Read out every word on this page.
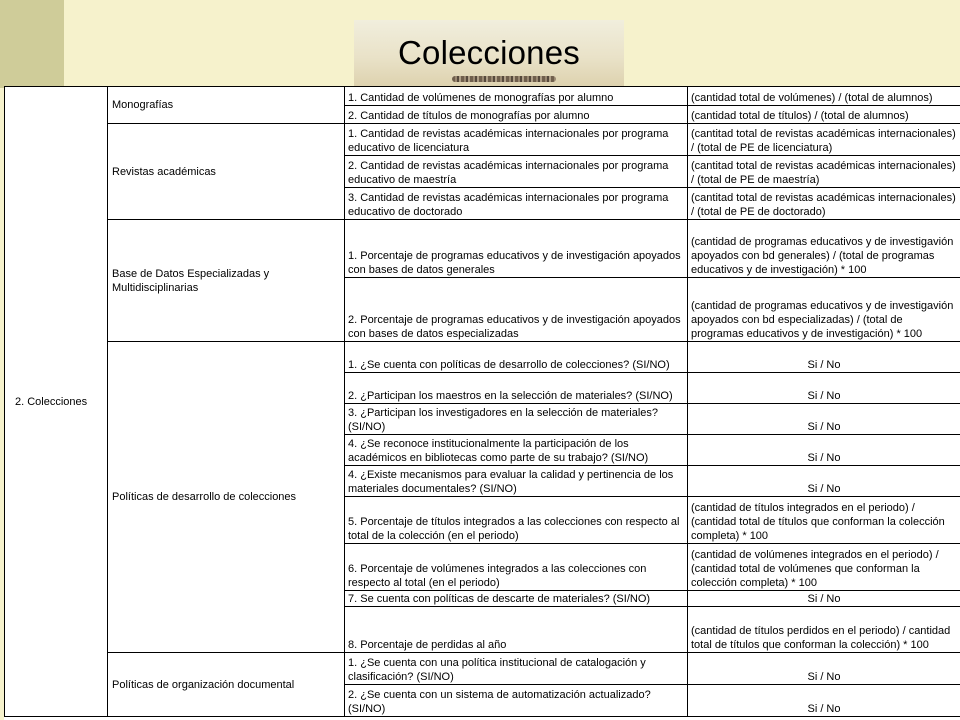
Colecciones
2. Colecciones	Monografías	1. Cantidad de volúmenes de monografías por alumno	(cantidad total de volúmenes) / (total de alumnos)
		2. Cantidad de títulos de monografías por alumno	(cantidad total de títulos) / (total de alumnos)
	Revistas académicas	1. Cantidad de revistas académicas internacionales por programa educativo de licenciatura	(cantitad total de revistas académicas internacionales) / (total de PE de licenciatura)
		2. Cantidad de revistas académicas internacionales por programa educativo de maestría	(cantitad total de revistas académicas internacionales) / (total de PE de maestría)
		3. Cantidad de revistas académicas internacionales por programa educativo de doctorado	(cantitad total de revistas académicas internacionales) / (total de PE de doctorado)
	Base de Datos Especializadas y Multidisciplinarias	1. Porcentaje de programas educativos y de investigación apoyados con bases de datos generales	(cantidad de programas educativos y de investigavión apoyados con bd generales) / (total de programas educativos y de investigación) * 100
		2. Porcentaje de programas educativos y de investigación apoyados con bases de datos especializadas	(cantidad de programas educativos y de investigavión apoyados con bd especializadas) / (total de programas educativos y de investigación) * 100
	Políticas de desarrollo de colecciones	1. ¿Se cuenta con políticas de desarrollo de colecciones? (SI/NO)	Si / No
		2. ¿Participan los maestros en la selección de materiales? (SI/NO)	Si / No
		3. ¿Participan los investigadores en la selección de materiales? (SI/NO)	Si / No
		4. ¿Se reconoce institucionalmente la participación de los académicos en bibliotecas como parte de su trabajo? (SI/NO)	Si / No
		4. ¿Existe mecanismos para evaluar la calidad y pertinencia de los materiales documentales? (SI/NO)	Si / No
		5. Porcentaje de títulos integrados a las colecciones con respecto al total de la colección (en el periodo)	(cantidad de títulos integrados en el periodo) / (cantidad total de títulos que conforman la colección completa) * 100
		6. Porcentaje de volúmenes integrados a las colecciones con respecto al total (en el periodo)	(cantidad de volúmenes integrados en el periodo) / (cantidad total de volúmenes que conforman la colección completa) * 100
		7. Se cuenta con políticas de descarte de materiales? (SI/NO)	Si / No
		8. Porcentaje de perdidas al año	(cantidad de títulos perdidos en el periodo) / cantidad total de títulos que conforman la colección) * 100
	Políticas de organización documental	1. ¿Se cuenta con una política institucional de catalogación y clasificación? (SI/NO)	Si / No
		2. ¿Se cuenta con un sistema de automatización actualizado? (SI/NO)	Si / No
